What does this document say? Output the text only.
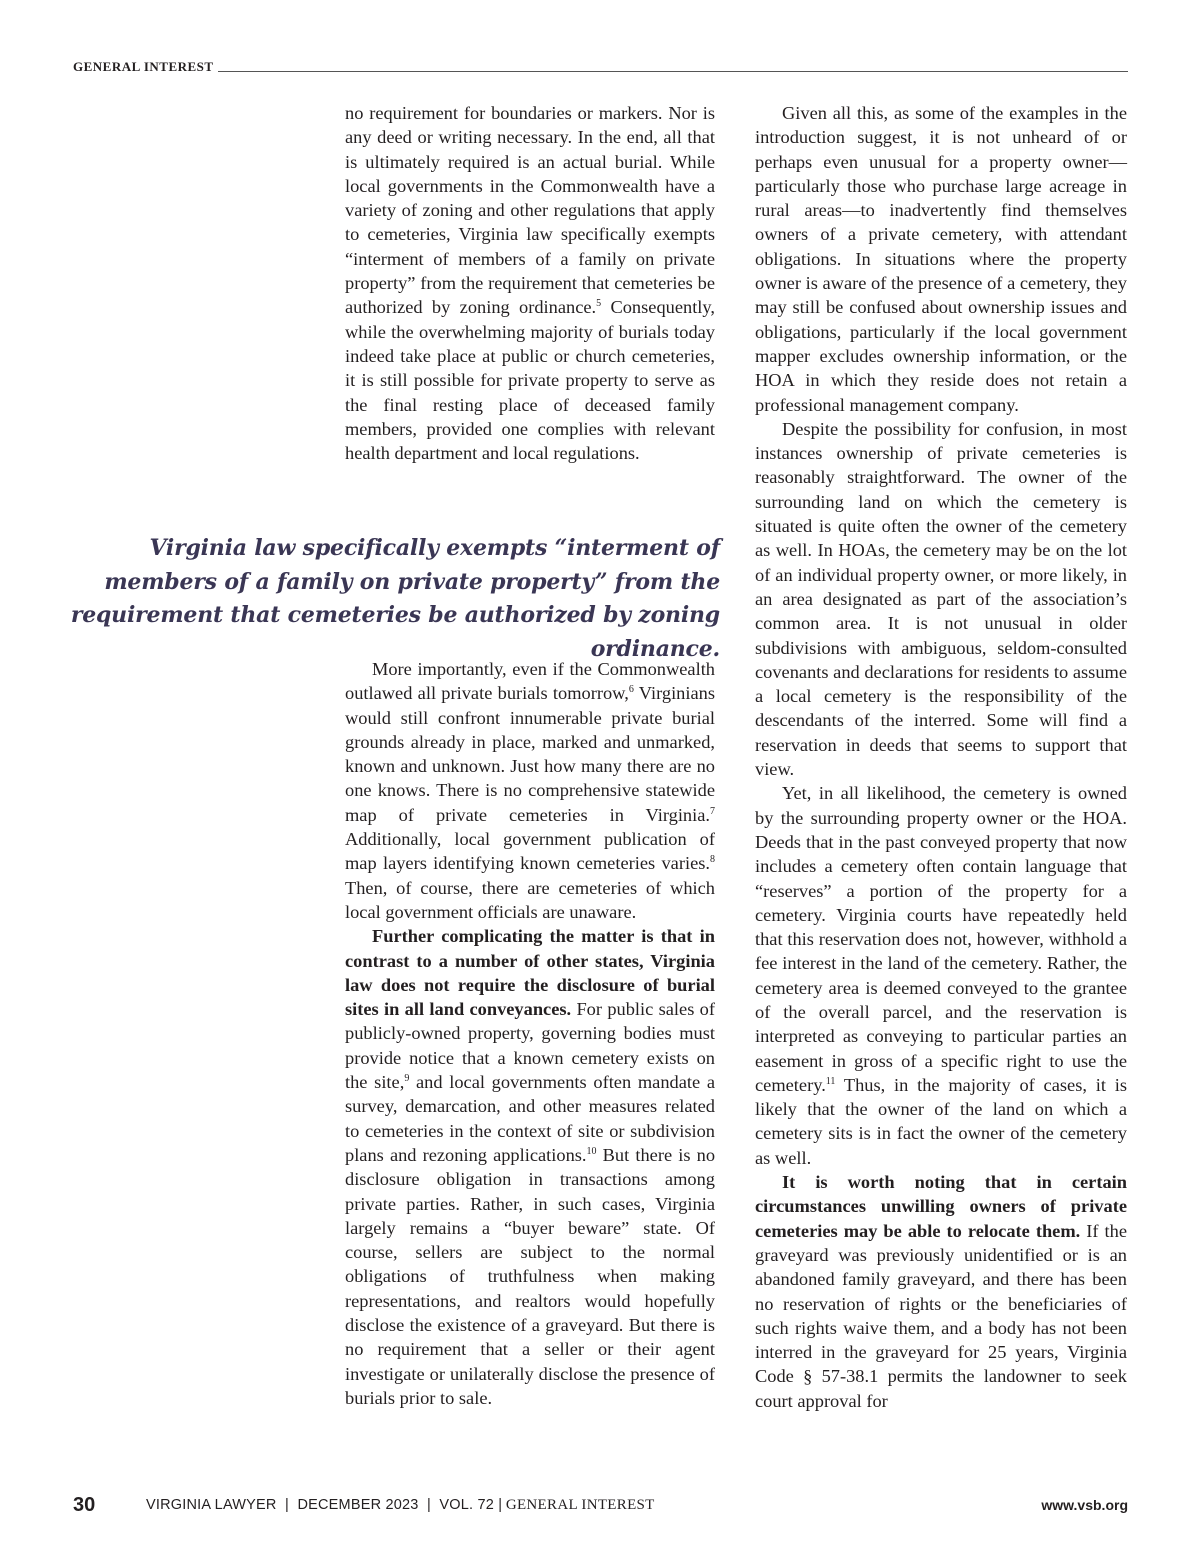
GENERAL INTEREST

no requirement for boundaries or markers. Nor is any deed or writing necessary. In the end, all that is ultimately required is an actual burial. While local governments in the Commonwealth have a variety of zoning and other regulations that apply to cemeteries, Virginia law specifically exempts “interment of members of a family on private property” from the requirement that cemeteries be authorized by zoning ordinance.$^5$ Consequently, while the overwhelming majority of burials today indeed take place at public or church cemeteries, it is still possible for private property to serve as the final resting place of deceased family members, provided one complies with relevant health department and local regulations.

Virginia law specifically exempts “interment of members of a family on private property” from the requirement that cemeteries be authorized by zoning ordinance.

More importantly, even if the Commonwealth outlawed all private burials tomorrow,$^6$ Virginians would still confront innumerable private burial grounds already in place, marked and unmarked, known and unknown. Just how many there are no one knows. There is no comprehensive statewide map of private cemeteries in Virginia.$^7$ Additionally, local government publication of map layers identifying known cemeteries varies.$^8$ Then, of course, there are cemeteries of which local government officials are unaware.

Further complicating the matter is that in contrast to a number of other states, Virginia law does not require the disclosure of burial sites in all land conveyances. For public sales of publicly-owned property, governing bodies must provide notice that a known cemetery exists on the site,$^9$ and local governments often mandate a survey, demarcation, and other measures related to cemeteries in the context of site or subdivision plans and rezoning applications.$^{10}$ But there is no disclosure obligation in transactions among private parties. Rather, in such cases, Virginia largely remains a “buyer beware” state. Of course, sellers are subject to the normal obligations of truthfulness when making representations, and realtors would hopefully disclose the existence of a graveyard. But there is no requirement that a seller or their agent investigate or unilaterally disclose the presence of burials prior to sale.

Given all this, as some of the examples in the introduction suggest, it is not unheard of or perhaps even unusual for a property owner—particularly those who purchase large acreage in rural areas—to inadvertently find themselves owners of a private cemetery, with attendant obligations. In situations where the property owner is aware of the presence of a cemetery, they may still be confused about ownership issues and obligations, particularly if the local government mapper excludes ownership information, or the HOA in which they reside does not retain a professional management company.

Despite the possibility for confusion, in most instances ownership of private cemeteries is reasonably straightforward. The owner of the surrounding land on which the cemetery is situated is quite often the owner of the cemetery as well. In HOAs, the cemetery may be on the lot of an individual property owner, or more likely, in an area designated as part of the association’s common area. It is not unusual in older subdivisions with ambiguous, seldom-consulted covenants and declarations for residents to assume a local cemetery is the responsibility of the descendants of the interred. Some will find a reservation in deeds that seems to support that view.

Yet, in all likelihood, the cemetery is owned by the surrounding property owner or the HOA. Deeds that in the past conveyed property that now includes a cemetery often contain language that “reserves” a portion of the property for a cemetery. Virginia courts have repeatedly held that this reservation does not, however, withhold a fee interest in the land of the cemetery. Rather, the cemetery area is deemed conveyed to the grantee of the overall parcel, and the reservation is interpreted as conveying to particular parties an easement in gross of a specific right to use the cemetery.$^{11}$ Thus, in the majority of cases, it is likely that the owner of the land on which a cemetery sits is in fact the owner of the cemetery as well.

It is worth noting that in certain circumstances unwilling owners of private cemeteries may be able to relocate them. If the graveyard was previously unidentified or is an abandoned family graveyard, and there has been no reservation of rights or the beneficiaries of such rights waive them, and a body has not been interred in the graveyard for 25 years, Virginia Code § 57-38.1 permits the landowner to seek court approval for

30	VIRGINIA LAWYER  |  DECEMBER 2023  |  VOL. 72 | GENERAL INTEREST	www.vsb.org
